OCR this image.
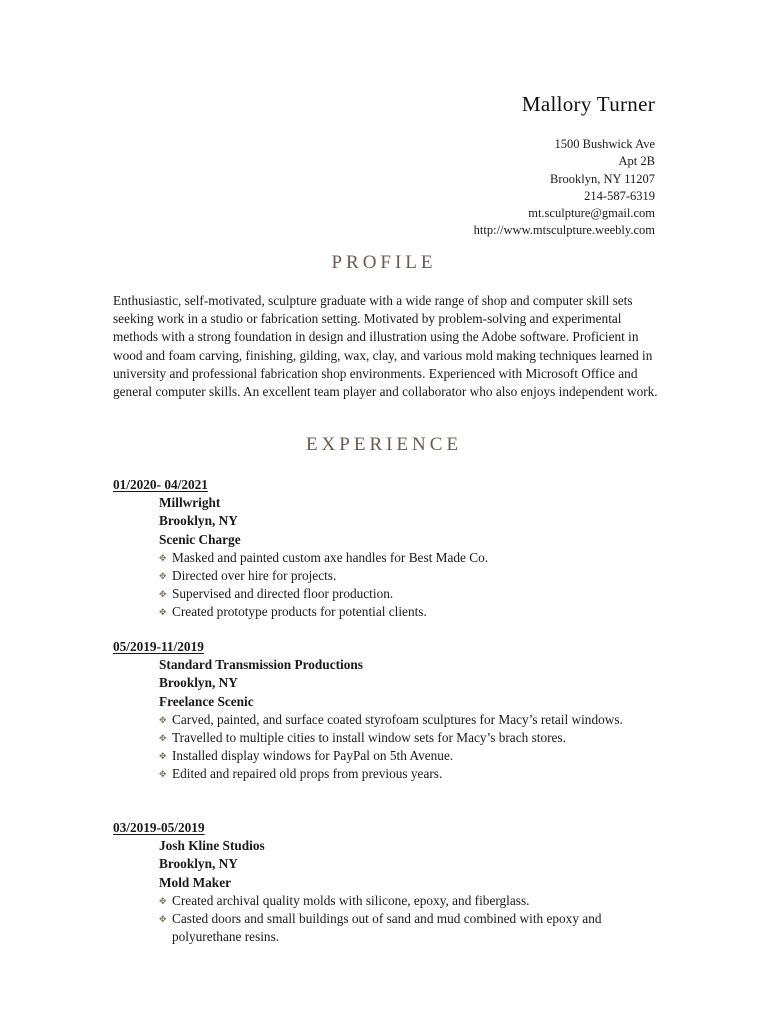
Mallory Turner
1500 Bushwick Ave
Apt 2B
Brooklyn, NY 11207
214-587-6319
mt.sculpture@gmail.com
http://www.mtsculpture.weebly.com
PROFILE
Enthusiastic, self-motivated, sculpture graduate with a wide range of shop and computer skill sets seeking work in a studio or fabrication setting. Motivated by problem-solving and experimental methods with a strong foundation in design and illustration using the Adobe software. Proficient in wood and foam carving, finishing, gilding, wax, clay, and various mold making techniques learned in university and professional fabrication shop environments. Experienced with Microsoft Office and general computer skills. An excellent team player and collaborator who also enjoys independent work.
EXPERIENCE
01/2020- 04/2021
Millwright
Brooklyn, NY
Scenic Charge
✥ Masked and painted custom axe handles for Best Made Co.
✥ Directed over hire for projects.
✥ Supervised and directed floor production.
✥ Created prototype products for potential clients.
05/2019-11/2019
Standard Transmission Productions
Brooklyn, NY
Freelance Scenic
✥ Carved, painted, and surface coated styrofoam sculptures for Macy’s retail windows.
✥ Travelled to multiple cities to install window sets for Macy’s brach stores.
✥ Installed display windows for PayPal on 5th Avenue.
✥ Edited and repaired old props from previous years.
03/2019-05/2019
Josh Kline Studios
Brooklyn, NY
Mold Maker
✥ Created archival quality molds with silicone, epoxy, and fiberglass.
✥ Casted doors and small buildings out of sand and mud combined with epoxy and polyurethane resins.
